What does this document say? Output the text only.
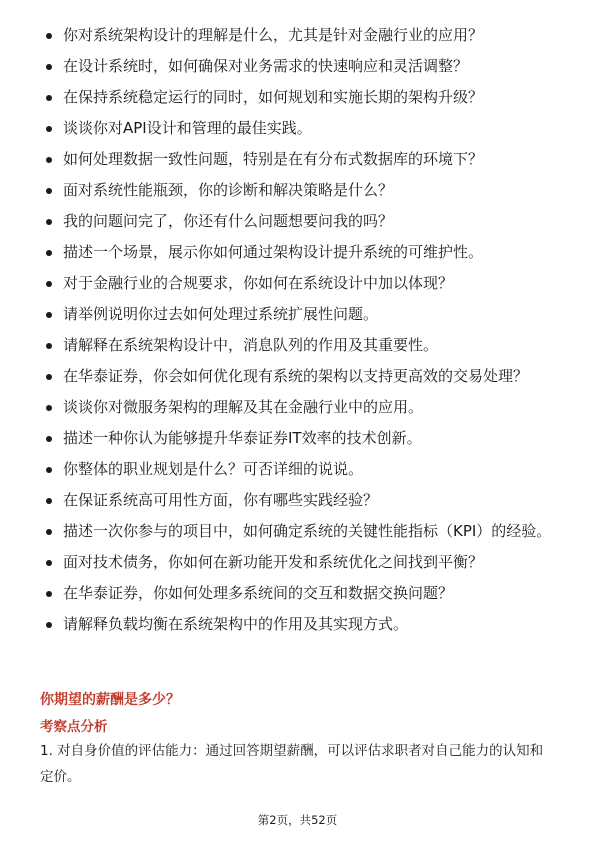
你对系统架构设计的理解是什么，尤其是针对金融行业的应用？
在设计系统时，如何确保对业务需求的快速响应和灵活调整？
在保持系统稳定运行的同时，如何规划和实施长期的架构升级？
谈谈你对API设计和管理的最佳实践。
如何处理数据一致性问题，特别是在有分布式数据库的环境下？
面对系统性能瓶颈，你的诊断和解决策略是什么？
我的问题问完了，你还有什么问题想要问我的吗？
描述一个场景，展示你如何通过架构设计提升系统的可维护性。
对于金融行业的合规要求，你如何在系统设计中加以体现？
请举例说明你过去如何处理过系统扩展性问题。
请解释在系统架构设计中，消息队列的作用及其重要性。
在华泰证券，你会如何优化现有系统的架构以支持更高效的交易处理？
谈谈你对微服务架构的理解及其在金融行业中的应用。
描述一种你认为能够提升华泰证券IT效率的技术创新。
你整体的职业规划是什么？可否详细的说说。
在保证系统高可用性方面，你有哪些实践经验？
描述一次你参与的项目中，如何确定系统的关键性能指标（KPI）的经验。
面对技术债务，你如何在新功能开发和系统优化之间找到平衡？
在华泰证券，你如何处理多系统间的交互和数据交换问题？
请解释负载均衡在系统架构中的作用及其实现方式。
你期望的薪酬是多少？
考察点分析
1. 对自身价值的评估能力：通过回答期望薪酬，可以评估求职者对自己能力的认知和定价。
第2页，共52页
